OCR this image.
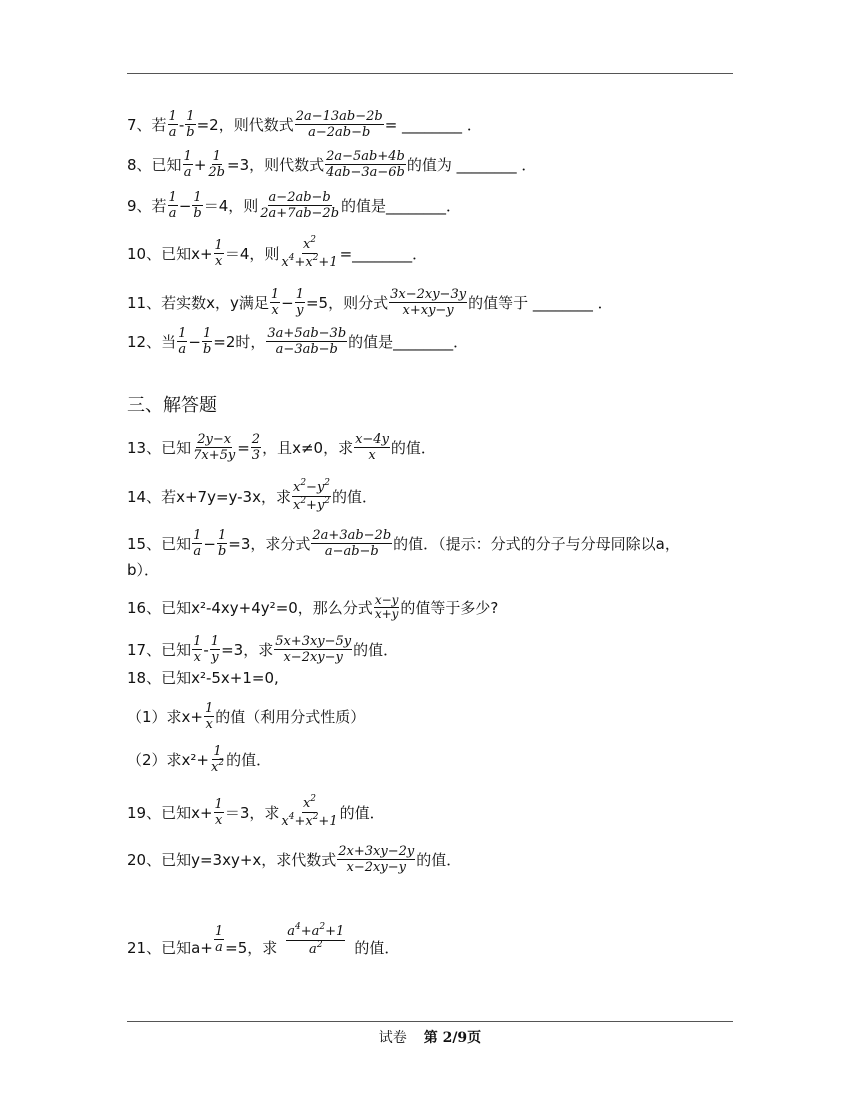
7、若 $\frac{1}{a} - \frac{1}{b} =2$，则代数式 $\frac{2a-13ab-2b}{a-2ab-b}$ = ________ ．
8、已知 $\frac{1}{a} + \frac{1}{2b} =3$，则代数式 $\frac{2a-5ab+4b}{4ab-3a-6b}$ 的值为 ________ ．
9、若 $\frac{1}{a} - \frac{1}{b} =4$，则 $\frac{a-2ab-b}{2a+7ab-2b}$ 的值是________．
10、已知$x+ \frac{1}{x} =4$，则 $\frac{x^2}{x^4+x^2+1}$ =________．
11、若实数x，y满足 $\frac{1}{x} - \frac{1}{y} =5$，则分式 $\frac{3x-2xy-3y}{x+xy-y}$ 的值等于 ________ ．
12、当 $\frac{1}{a} - \frac{1}{b} =2$时， $\frac{3a+5ab-3b}{a-3ab-b}$ 的值是________．
三、解答题
13、已知 $\frac{2y-x}{7x+5y} = \frac{2}{3}$ ，且x≠0，求 $\frac{x-4y}{x}$ 的值．
14、若x+7y=y-3x，求 $\frac{x^2-y^2}{x^2+y^2}$ 的值．
15、已知 $\frac{1}{a} - \frac{1}{b} =3$，求分式 $\frac{2a+3ab-2b}{a-ab-b}$ 的值．（提示：分式的分子与分母同除以a，
b）．
16、已知x²-4xy+4y²=0，那么分式 $\frac{x-y}{x+y}$ 的值等于多少?
17、已知 $\frac{1}{x} - \frac{1}{y} =3$，求 $\frac{5x+3xy-5y}{x-2xy-y}$ 的值．
18、已知x²-5x+1=0,
（1）求$x+ \frac{1}{x}$ 的值（利用分式性质）
（2）求$x^2+ \frac{1}{x^2}$ 的值．
19、已知$x+ \frac{1}{x} =3$，求 $\frac{x^2}{x^4+x^2+1}$ 的值．
20、已知y=3xy+x，求代数式 $\frac{2x+3xy-2y}{x-2xy-y}$ 的值．
21、已知$a+ \frac{1}{a} =5$，求 $\frac{a^4+a^2+1}{a^2}$ 的值．
试卷 第 2/9页
